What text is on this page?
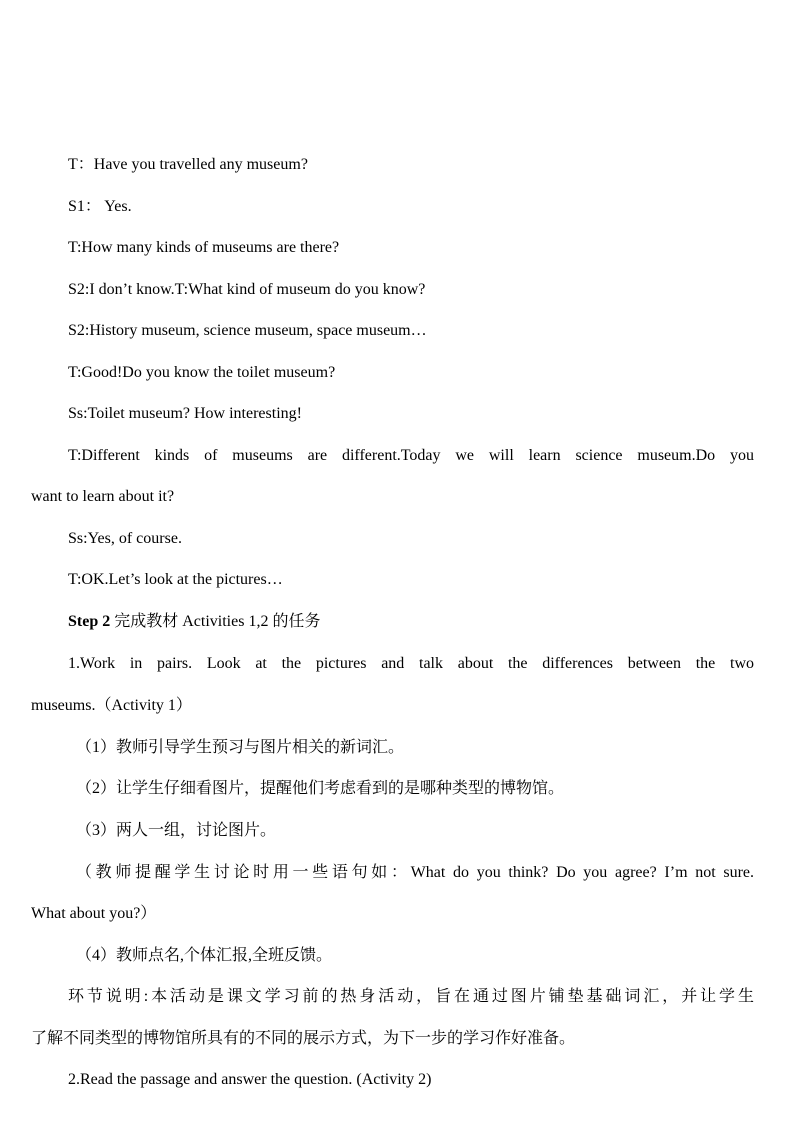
T：Have you travelled any museum?
S1： Yes.
T:How many kinds of museums are there?
S2:I don’t know.T:What kind of museum do you know?
S2:History museum, science museum, space museum…
T:Good!Do you know the toilet museum?
Ss:Toilet museum? How interesting!
T:Different kinds of museums are different.Today we will learn science museum.Do you
want to learn about it?
Ss:Yes, of course.
T:OK.Let’s look at the pictures…
Step 2 完成教材 Activities 1,2 的任务
1.Work in pairs. Look at the pictures and talk about the differences between the two
museums.（Activity 1）
（1）教师引导学生预习与图片相关的新词汇。
（2）让学生仔细看图片，提醒他们考虑看到的是哪种类型的博物馆。
（3）两人一组，讨论图片。
（教师提醒学生讨论时用一些语句如：What do you think? Do you agree? I’m not sure.
What about you?）
（4）教师点名,个体汇报,全班反馈。
环节说明:本活动是课文学习前的热身活动，旨在通过图片铺垫基础词汇，并让学生
了解不同类型的博物馆所具有的不同的展示方式，为下一步的学习作好准备。
2.Read the passage and answer the question. (Activity 2)
